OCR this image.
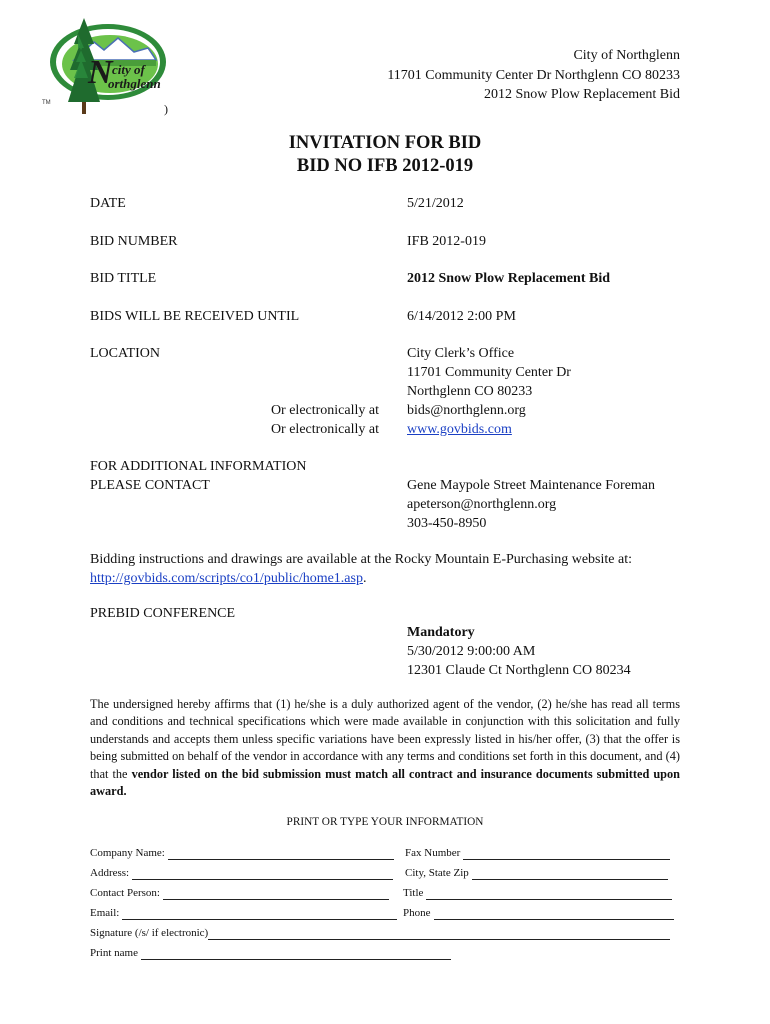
TM
N city of
orthglenn
)
City of Northglenn
11701 Community Center Dr Northglenn CO 80233
2012 Snow Plow Replacement Bid
INVITATION FOR BID
BID NO IFB 2012-019
DATE	5/21/2012
BID NUMBER	IFB 2012-019
BID TITLE	2012 Snow Plow Replacement Bid
BIDS WILL BE RECEIVED UNTIL	6/14/2012 2:00 PM
LOCATION	City Clerk’s Office
11701 Community Center Dr
Northglenn CO 80233
Or electronically at bids@northglenn.org
Or electronically at www.govbids.com
FOR ADDITIONAL INFORMATION
PLEASE CONTACT	Gene Maypole Street Maintenance Foreman
apeterson@northglenn.org
303-450-8950
Bidding instructions and drawings are available at the Rocky Mountain E-Purchasing website at:
http://govbids.com/scripts/co1/public/home1.asp.
PREBID CONFERENCE
Mandatory
5/30/2012 9:00:00 AM
12301 Claude Ct Northglenn CO 80234
The undersigned hereby affirms that (1) he/she is a duly authorized agent of the vendor, (2) he/she has read all terms and conditions and technical specifications which were made available in conjunction with this solicitation and fully understands and accepts them unless specific variations have been expressly listed in his/her offer, (3) that the offer is being submitted on behalf of the vendor in accordance with any terms and conditions set forth in this document, and (4) that the vendor listed on the bid submission must match all contract and insurance documents submitted upon award.
PRINT OR TYPE YOUR INFORMATION
Company Name:	Fax Number
Address:	City, State Zip
Contact Person:	Title
Email:	Phone
Signature (/s/ if electronic)
Print name
